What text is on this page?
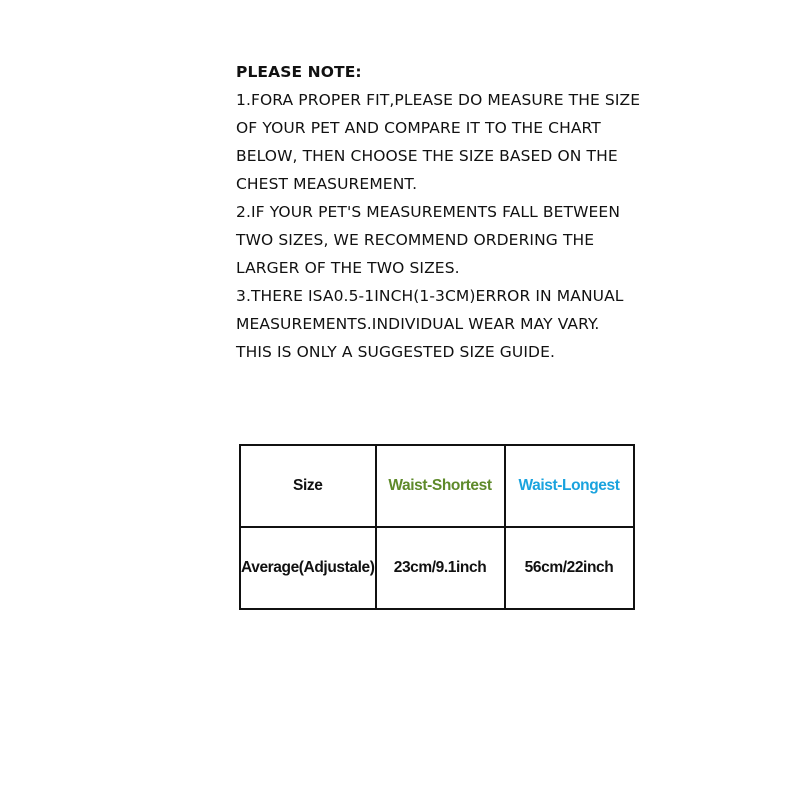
PLEASE NOTE:
1.FORA PROPER FIT,PLEASE DO MEASURE THE SIZE
OF YOUR PET AND COMPARE IT TO THE CHART
BELOW, THEN CHOOSE THE SIZE BASED ON THE
CHEST MEASUREMENT.
2.IF YOUR PET'S MEASUREMENTS FALL BETWEEN
TWO SIZES, WE RECOMMEND ORDERING THE
LARGER OF THE TWO SIZES.
3.THERE ISA0.5-1INCH(1-3CM)ERROR IN MANUAL
MEASUREMENTS.INDIVIDUAL WEAR MAY VARY.
THIS IS ONLY A SUGGESTED SIZE GUIDE.
Size	Waist-Shortest	Waist-Longest
Average(Adjustale)	23cm/9.1inch	56cm/22inch
